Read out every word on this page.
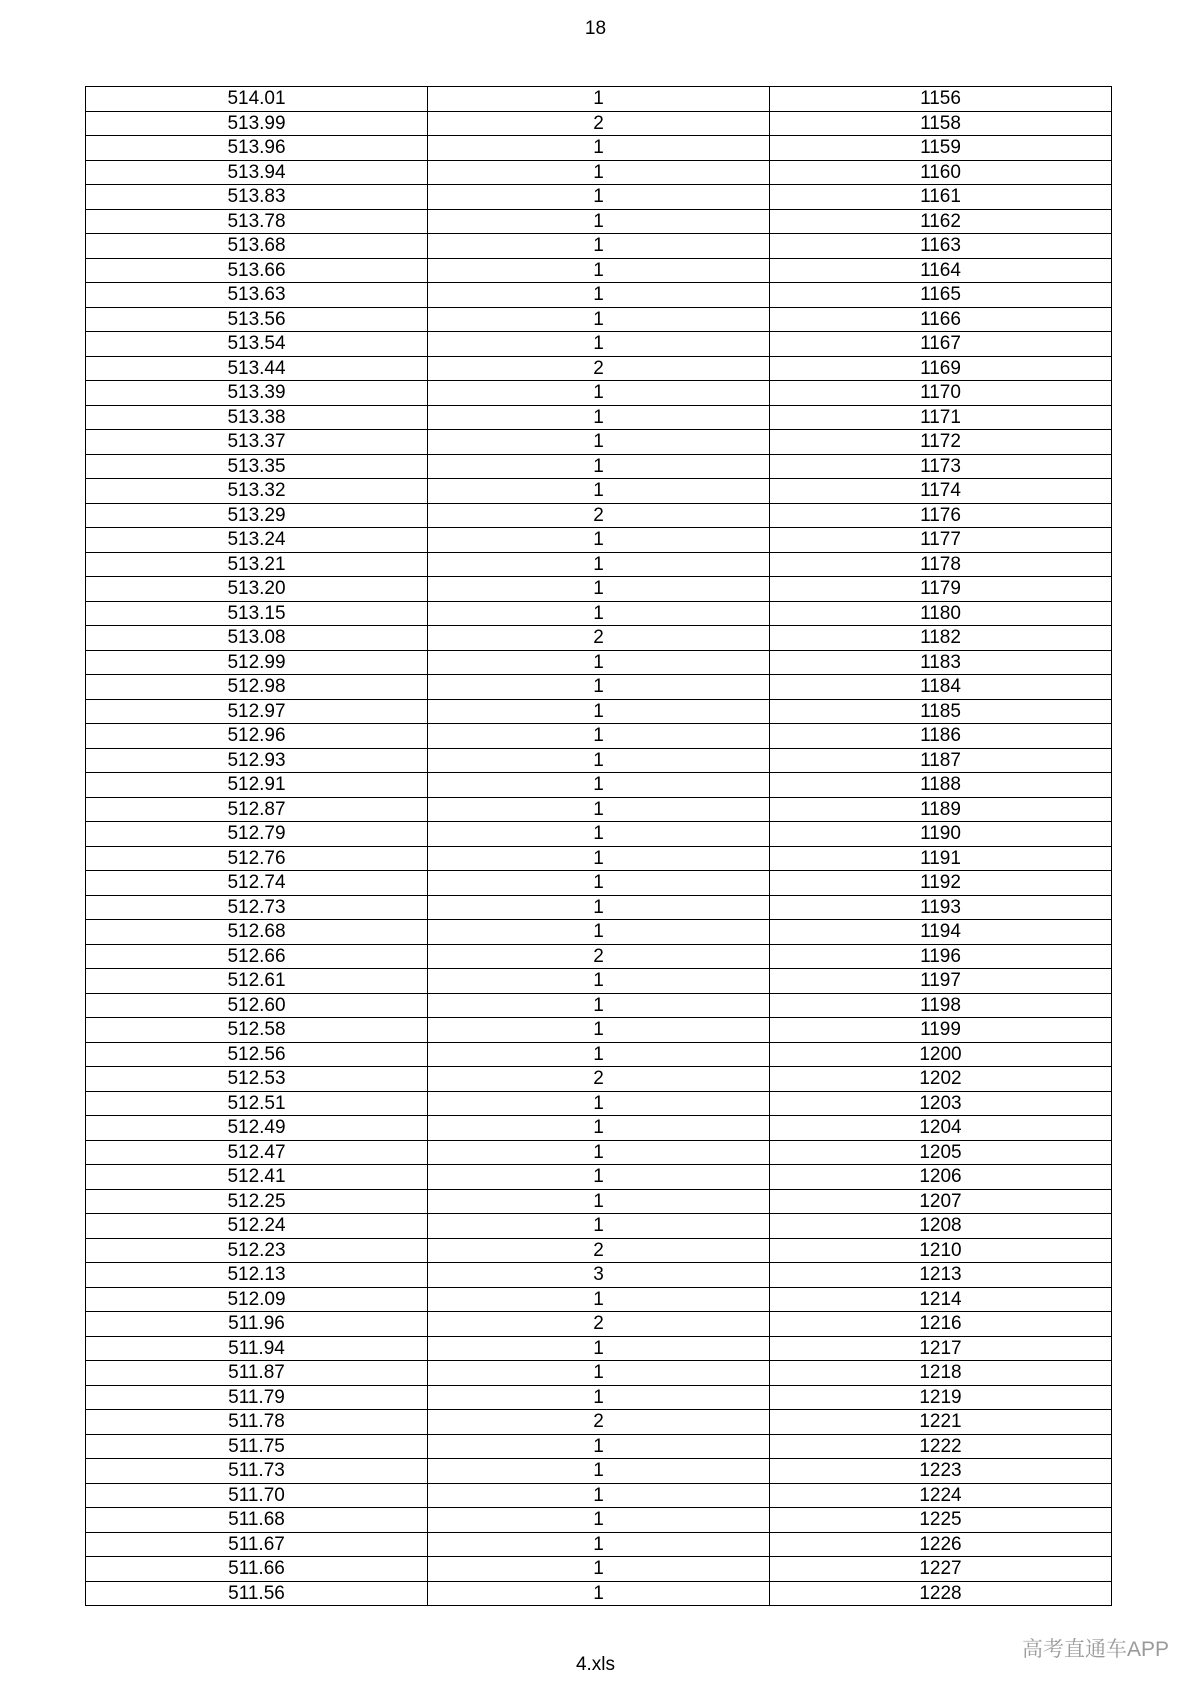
18
514.01	1	1156
513.99	2	1158
513.96	1	1159
513.94	1	1160
513.83	1	1161
513.78	1	1162
513.68	1	1163
513.66	1	1164
513.63	1	1165
513.56	1	1166
513.54	1	1167
513.44	2	1169
513.39	1	1170
513.38	1	1171
513.37	1	1172
513.35	1	1173
513.32	1	1174
513.29	2	1176
513.24	1	1177
513.21	1	1178
513.20	1	1179
513.15	1	1180
513.08	2	1182
512.99	1	1183
512.98	1	1184
512.97	1	1185
512.96	1	1186
512.93	1	1187
512.91	1	1188
512.87	1	1189
512.79	1	1190
512.76	1	1191
512.74	1	1192
512.73	1	1193
512.68	1	1194
512.66	2	1196
512.61	1	1197
512.60	1	1198
512.58	1	1199
512.56	1	1200
512.53	2	1202
512.51	1	1203
512.49	1	1204
512.47	1	1205
512.41	1	1206
512.25	1	1207
512.24	1	1208
512.23	2	1210
512.13	3	1213
512.09	1	1214
511.96	2	1216
511.94	1	1217
511.87	1	1218
511.79	1	1219
511.78	2	1221
511.75	1	1222
511.73	1	1223
511.70	1	1224
511.68	1	1225
511.67	1	1226
511.66	1	1227
511.56	1	1228
4.xls
高考直通车APP
